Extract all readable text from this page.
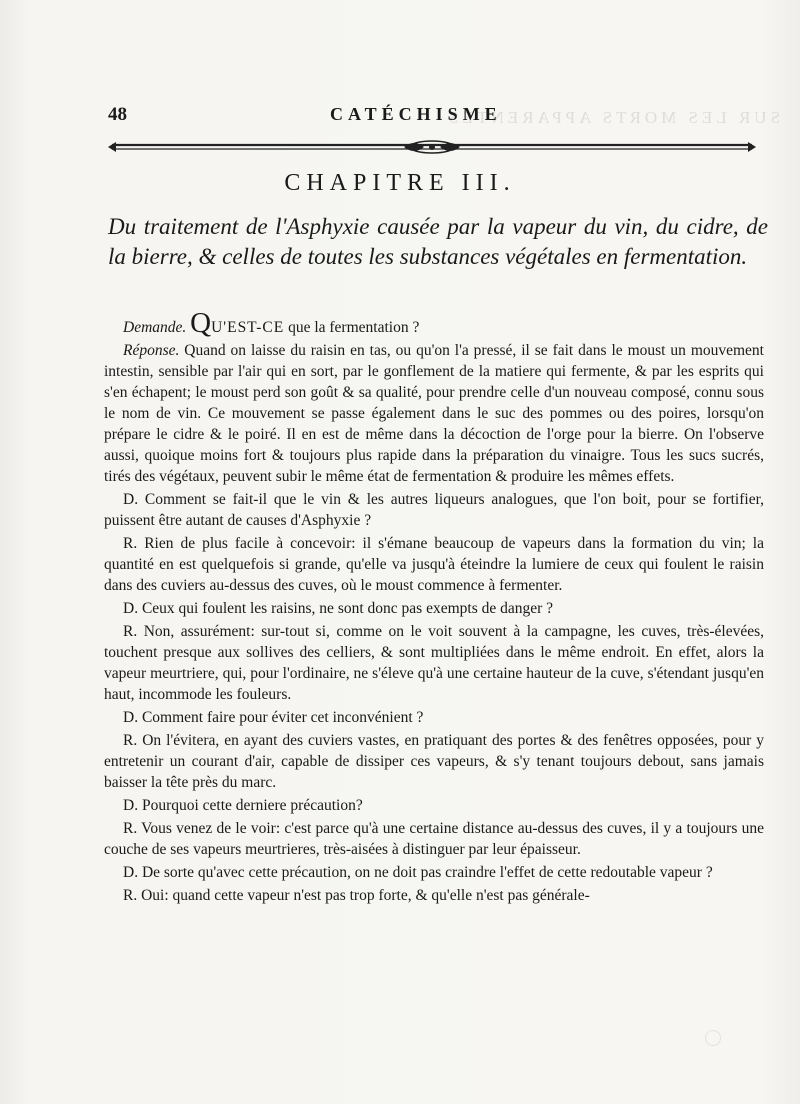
SUR LES MORTS APPARENTES
48	CATÉCHISME
CHAPITRE III.

Du traitement de l'Asphyxie causée par la vapeur du vin, du cidre, de la bierre, & celles de toutes les substances végétales en fermentation.

Demande. QU'EST-CE que la fermentation ?

Réponse. Quand on laisse du raisin en tas, ou qu'on l'a pressé, il se fait dans le moust un mouvement intestin, sensible par l'air qui en sort, par le gonflement de la matiere qui fermente, & par les esprits qui s'en échapent; le moust perd son goût & sa qualité, pour prendre celle d'un nouveau composé, connu sous le nom de vin. Ce mouvement se passe également dans le suc des pommes ou des poires, lorsqu'on prépare le cidre & le poiré. Il en est de même dans la décoction de l'orge pour la bierre. On l'observe aussi, quoique moins fort & toujours plus rapide dans la préparation du vinaigre. Tous les sucs sucrés, tirés des végétaux, peuvent subir le même état de fermentation & produire les mêmes effets.

D. Comment se fait-il que le vin & les autres liqueurs analogues, que l'on boit, pour se fortifier, puissent être autant de causes d'Asphyxie ?

R. Rien de plus facile à concevoir: il s'émane beaucoup de vapeurs dans la formation du vin; la quantité en est quelquefois si grande, qu'elle va jusqu'à éteindre la lumiere de ceux qui foulent le raisin dans des cuviers au-dessus des cuves, où le moust commence à fermenter.

D. Ceux qui foulent les raisins, ne sont donc pas exempts de danger ?

R. Non, assurément: sur-tout si, comme on le voit souvent à la campagne, les cuves, très-élevées, touchent presque aux sollives des celliers, & sont multipliées dans le même endroit. En effet, alors la vapeur meurtriere, qui, pour l'ordinaire, ne s'éleve qu'à une certaine hauteur de la cuve, s'étendant jusqu'en haut, incommode les fouleurs.

D. Comment faire pour éviter cet inconvénient ?

R. On l'évitera, en ayant des cuviers vastes, en pratiquant des portes & des fenêtres opposées, pour y entretenir un courant d'air, capable de dissiper ces vapeurs, & s'y tenant toujours debout, sans jamais baisser la tête près du marc.

D. Pourquoi cette derniere précaution?

R. Vous venez de le voir: c'est parce qu'à une certaine distance au-dessus des cuves, il y a toujours une couche de ses vapeurs meurtrieres, très-aisées à distinguer par leur épaisseur.

D. De sorte qu'avec cette précaution, on ne doit pas craindre l'effet de cette redoutable vapeur ?

R. Oui: quand cette vapeur n'est pas trop forte, & qu'elle n'est pas générale-
